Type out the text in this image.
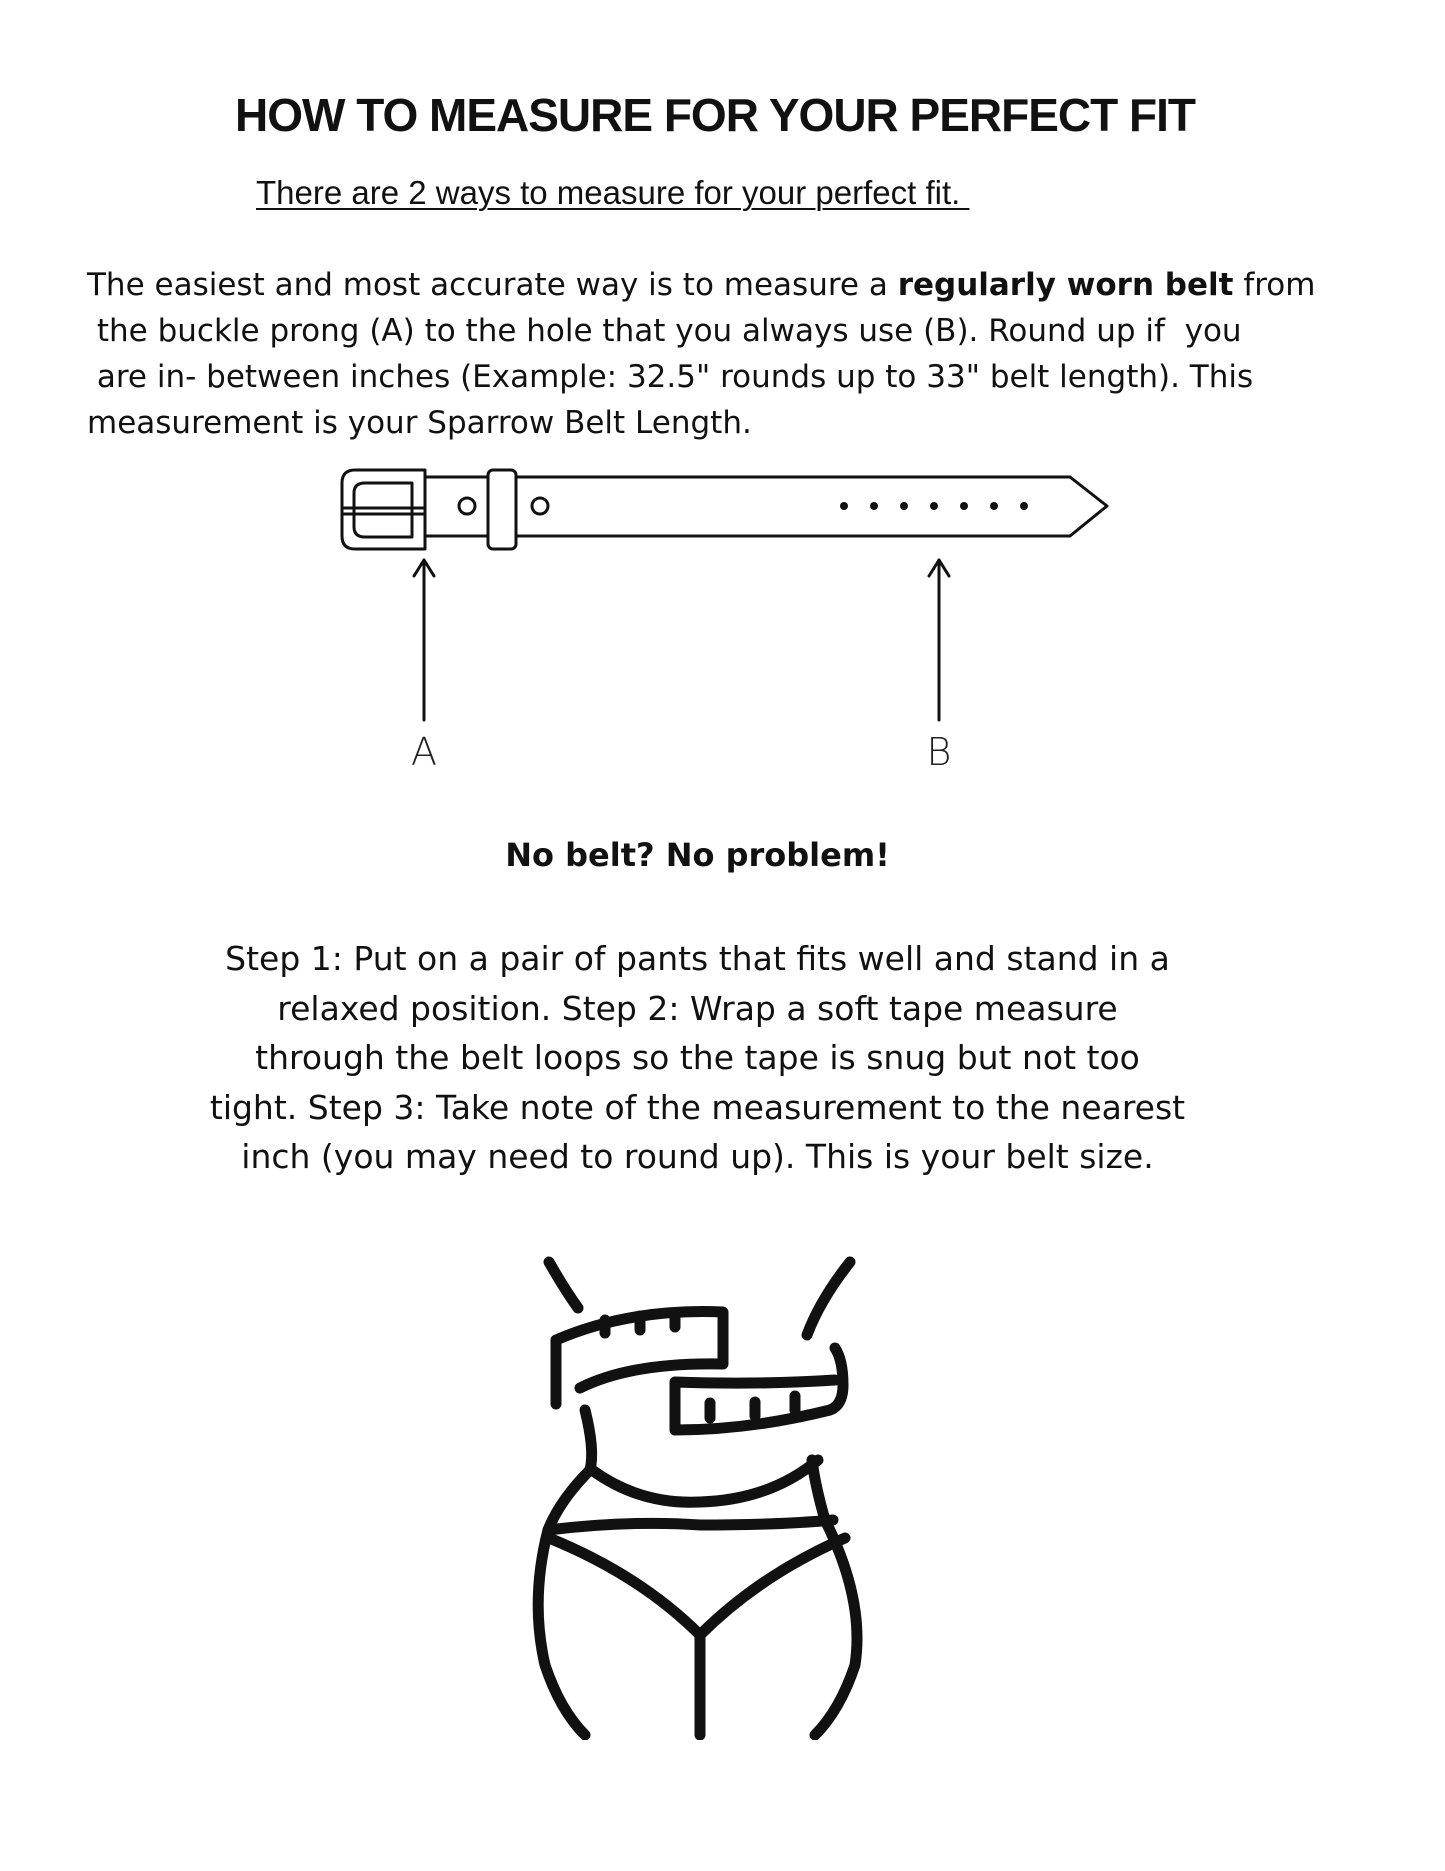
HOW TO MEASURE FOR YOUR PERFECT FIT

There are 2 ways to measure for your perfect fit.

The easiest and most accurate way is to measure a regularly worn belt from
the buckle prong (A) to the hole that you always use (B). Round up if  you
are in- between inches (Example: 32.5" rounds up to 33" belt length). This
measurement is your Sparrow Belt Length.
A	B
No belt? No problem!
Step 1: Put on a pair of pants that fits well and stand in a
relaxed position. Step 2: Wrap a soft tape measure
through the belt loops so the tape is snug but not too
tight. Step 3: Take note of the measurement to the nearest
inch (you may need to round up). This is your belt size.
